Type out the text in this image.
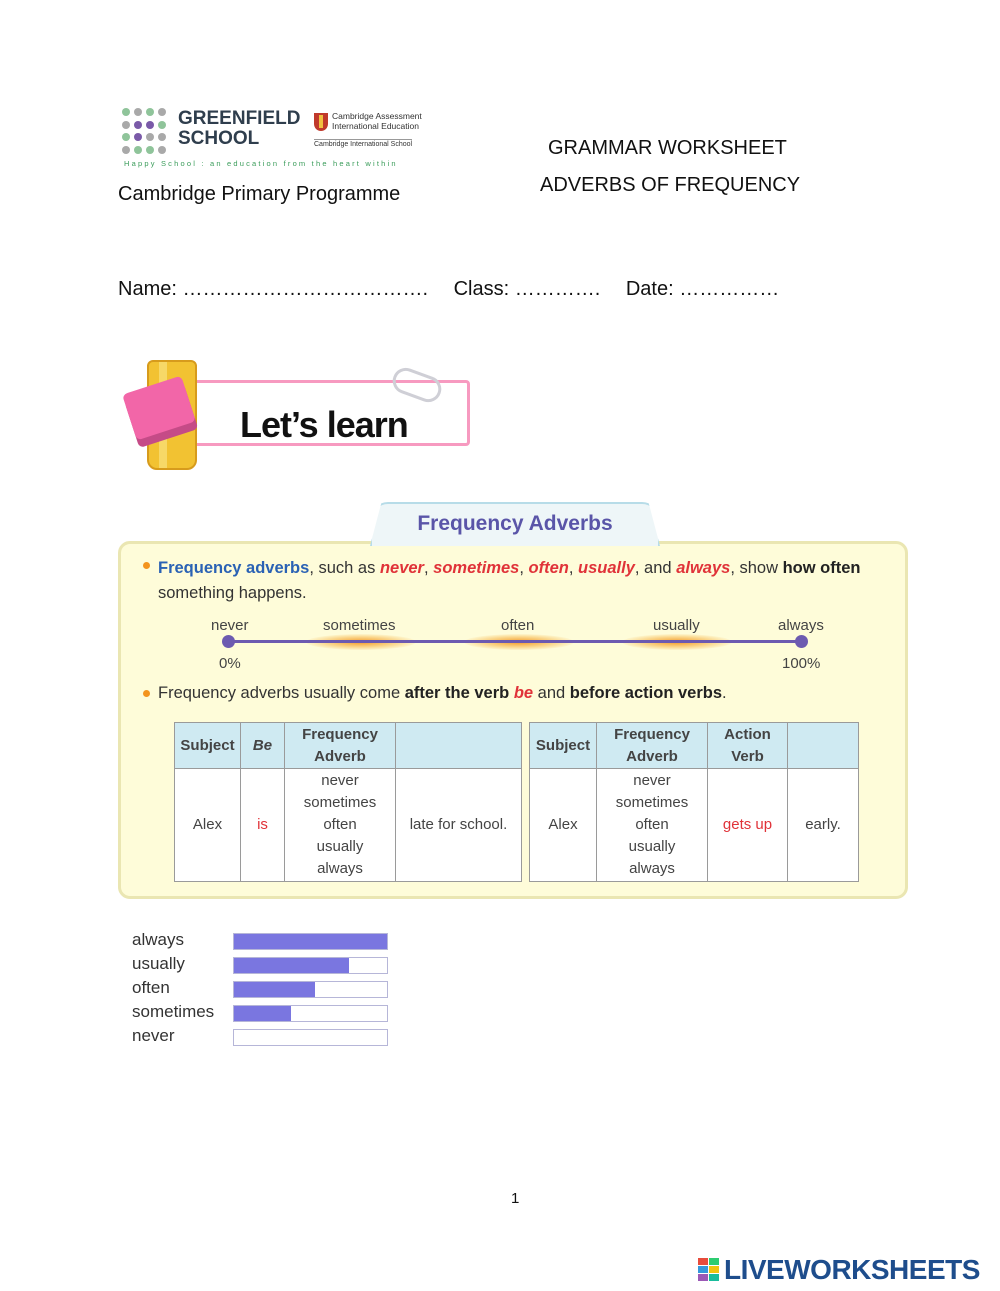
GREENFIELD
SCHOOL
Cambridge Assessment
International Education
Cambridge International School
Happy School : an education from the heart within
Cambridge Primary Programme
GRAMMAR WORKSHEET
ADVERBS OF FREQUENCY
Name: ………………………………. Class: …………. Date: ……………
Let’s learn
Frequency Adverbs
Frequency adverbs, such as never, sometimes, often, usually, and always, show how often something happens.
never	sometimes	often	usually	always
0%	100%
Frequency adverbs usually come after the verb be and before action verbs.
Subject	Be	Frequency Adverb	
Alex	is	never
sometimes
often
usually
always	late for school.
Subject	Frequency Adverb	Action Verb	
Alex	never
sometimes
often
usually
always	gets up	early.
always
usually
often
sometimes
never
1
LIVEWORKSHEETS
